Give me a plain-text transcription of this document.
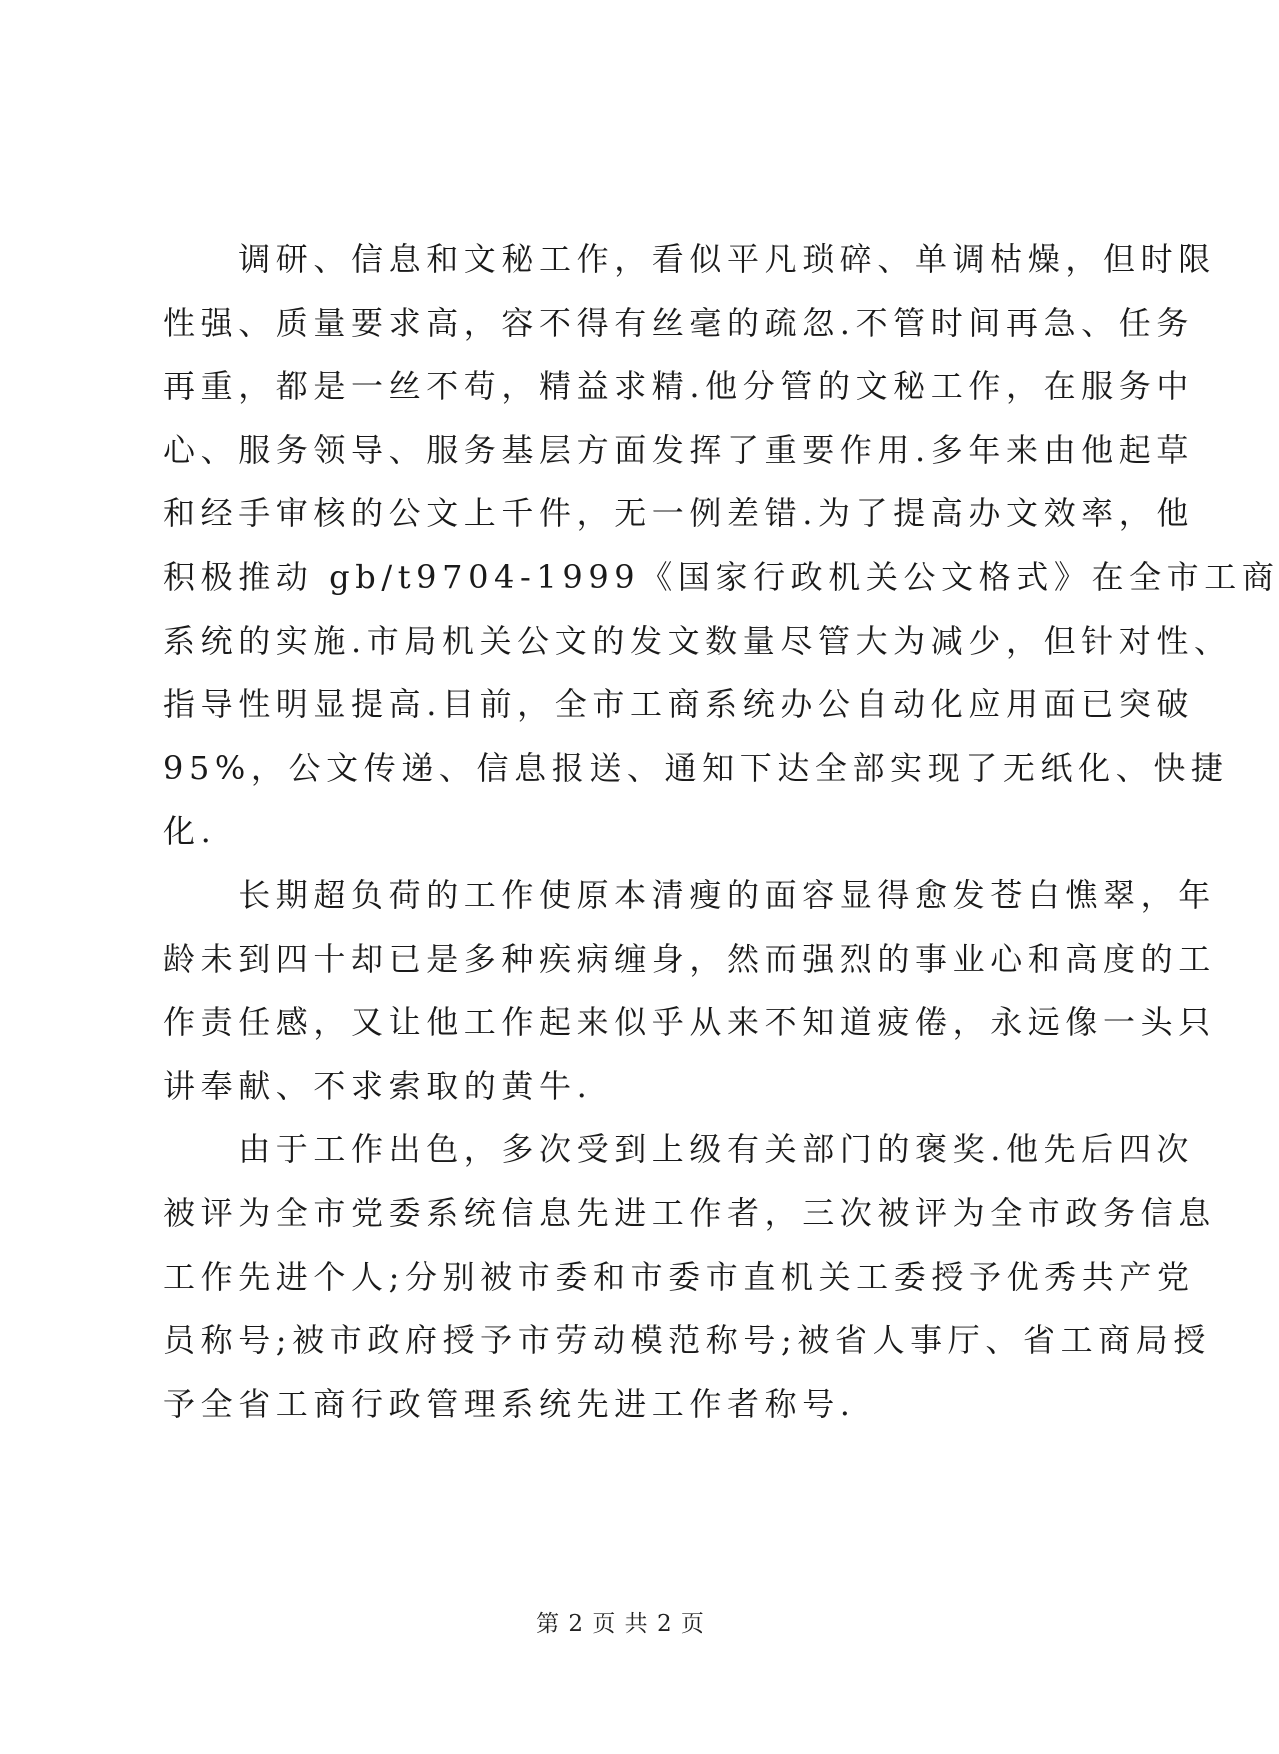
　　调研、信息和文秘工作，看似平凡琐碎、单调枯燥，但时限
性强、质量要求高，容不得有丝毫的疏忽.不管时间再急、任务
再重，都是一丝不苟，精益求精.他分管的文秘工作，在服务中
心、服务领导、服务基层方面发挥了重要作用.多年来由他起草
和经手审核的公文上千件，无一例差错.为了提高办文效率，他
积极推动 gb/t9704-1999《国家行政机关公文格式》在全市工商
系统的实施.市局机关公文的发文数量尽管大为减少，但针对性、
指导性明显提高.目前，全市工商系统办公自动化应用面已突破
95%，公文传递、信息报送、通知下达全部实现了无纸化、快捷
化.
　　长期超负荷的工作使原本清瘦的面容显得愈发苍白憔翠，年
龄未到四十却已是多种疾病缠身，然而强烈的事业心和高度的工
作责任感，又让他工作起来似乎从来不知道疲倦，永远像一头只
讲奉献、不求索取的黄牛.
　　由于工作出色，多次受到上级有关部门的褒奖.他先后四次
被评为全市党委系统信息先进工作者，三次被评为全市政务信息
工作先进个人;分别被市委和市委市直机关工委授予优秀共产党
员称号;被市政府授予市劳动模范称号;被省人事厅、省工商局授
予全省工商行政管理系统先进工作者称号.
第 2 页 共 2 页
